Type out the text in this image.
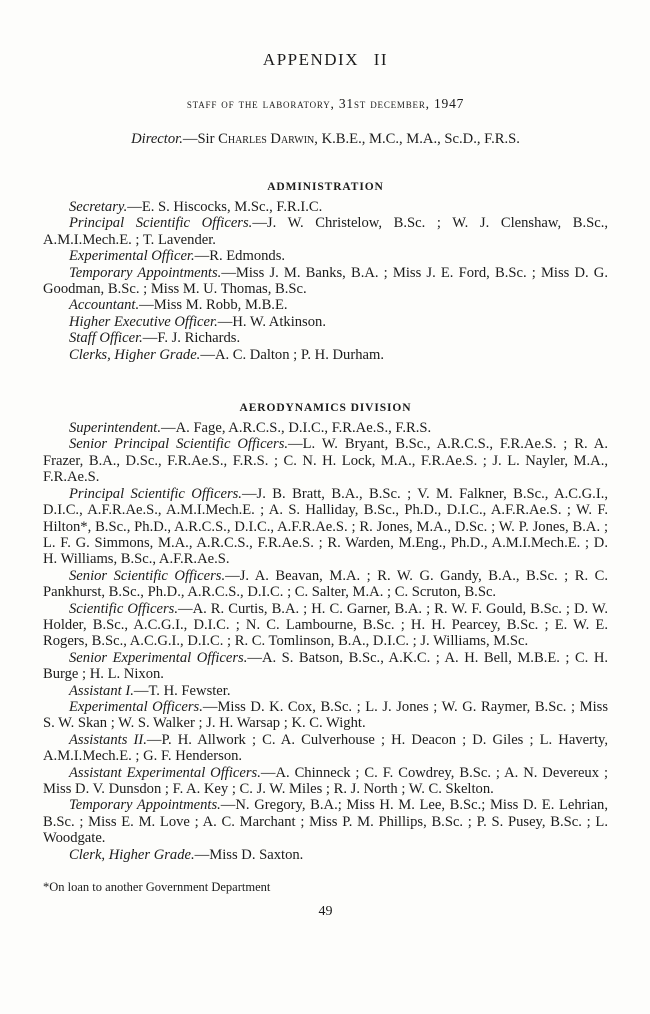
APPENDIX II
staff of the laboratory, 31st december, 1947

Director.—Sir Charles Darwin, K.B.E., M.C., M.A., Sc.D., F.R.S.

ADMINISTRATION

Secretary.—E. S. Hiscocks, M.Sc., F.R.I.C.

Principal Scientific Officers.—J. W. Christelow, B.Sc. ; W. J. Clenshaw, B.Sc., A.M.I.Mech.E. ; T. Lavender.

Experimental Officer.—R. Edmonds.

Temporary Appointments.—Miss J. M. Banks, B.A. ; Miss J. E. Ford, B.Sc. ; Miss D. G. Goodman, B.Sc. ; Miss M. U. Thomas, B.Sc.

Accountant.—Miss M. Robb, M.B.E.

Higher Executive Officer.—H. W. Atkinson.

Staff Officer.—F. J. Richards.

Clerks, Higher Grade.—A. C. Dalton ; P. H. Durham.

AERODYNAMICS DIVISION

Superintendent.—A. Fage, A.R.C.S., D.I.C., F.R.Ae.S., F.R.S.

Senior Principal Scientific Officers.—L. W. Bryant, B.Sc., A.R.C.S., F.R.Ae.S. ; R. A. Frazer, B.A., D.Sc., F.R.Ae.S., F.R.S. ; C. N. H. Lock, M.A., F.R.Ae.S. ; J. L. Nayler, M.A., F.R.Ae.S.

Principal Scientific Officers.—J. B. Bratt, B.A., B.Sc. ; V. M. Falkner, B.Sc., A.C.G.I., D.I.C., A.F.R.Ae.S., A.M.I.Mech.E. ; A. S. Halliday, B.Sc., Ph.D., D.I.C., A.F.R.Ae.S. ; W. F. Hilton*, B.Sc., Ph.D., A.R.C.S., D.I.C., A.F.R.Ae.S. ; R. Jones, M.A., D.Sc. ; W. P. Jones, B.A. ; L. F. G. Simmons, M.A., A.R.C.S., F.R.Ae.S. ; R. Warden, M.Eng., Ph.D., A.M.I.Mech.E. ; D. H. Williams, B.Sc., A.F.R.Ae.S.

Senior Scientific Officers.—J. A. Beavan, M.A. ; R. W. G. Gandy, B.A., B.Sc. ; R. C. Pankhurst, B.Sc., Ph.D., A.R.C.S., D.I.C. ; C. Salter, M.A. ; C. Scruton, B.Sc.

Scientific Officers.—A. R. Curtis, B.A. ; H. C. Garner, B.A. ; R. W. F. Gould, B.Sc. ; D. W. Holder, B.Sc., A.C.G.I., D.I.C. ; N. C. Lambourne, B.Sc. ; H. H. Pearcey, B.Sc. ; E. W. E. Rogers, B.Sc., A.C.G.I., D.I.C. ; R. C. Tomlinson, B.A., D.I.C. ; J. Williams, M.Sc.

Senior Experimental Officers.—A. S. Batson, B.Sc., A.K.C. ; A. H. Bell, M.B.E. ; C. H. Burge ; H. L. Nixon.

Assistant I.—T. H. Fewster.

Experimental Officers.—Miss D. K. Cox, B.Sc. ; L. J. Jones ; W. G. Raymer, B.Sc. ; Miss S. W. Skan ; W. S. Walker ; J. H. Warsap ; K. C. Wight.

Assistants II.—P. H. Allwork ; C. A. Culverhouse ; H. Deacon ; D. Giles ; L. Haverty, A.M.I.Mech.E. ; G. F. Henderson.

Assistant Experimental Officers.—A. Chinneck ; C. F. Cowdrey, B.Sc. ; A. N. Devereux ; Miss D. V. Dunsdon ; F. A. Key ; C. J. W. Miles ; R. J. North ; W. C. Skelton.

Temporary Appointments.—N. Gregory, B.A.; Miss H. M. Lee, B.Sc.; Miss D. E. Lehrian, B.Sc. ; Miss E. M. Love ; A. C. Marchant ; Miss P. M. Phillips, B.Sc. ; P. S. Pusey, B.Sc. ; L. Woodgate.

Clerk, Higher Grade.—Miss D. Saxton.

*On loan to another Government Department
49
